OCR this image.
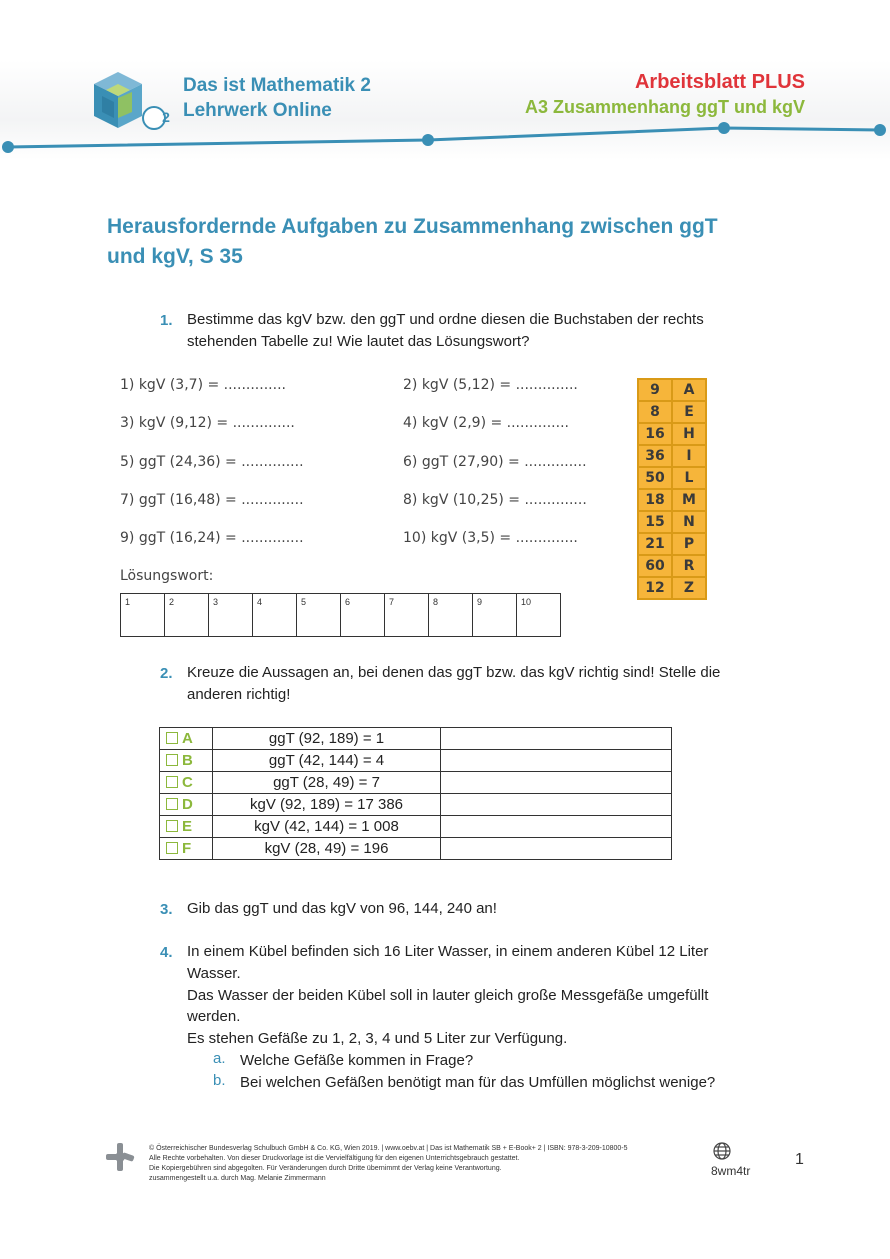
2
Das ist Mathematik 2
Lehrwerk Online
Arbeitsblatt PLUS
A3 Zusammenhang ggT und kgV
Herausfordernde Aufgaben zu Zusammenhang zwischen ggT
und kgV, S 35
1. Bestimme das kgV bzw. den ggT und ordne diesen die Buchstaben der rechts
stehenden Tabelle zu! Wie lautet das Lösungswort?
1) kgV (3,7) = ..............	2) kgV (5,12) = ..............
3) kgV (9,12) = ..............	4) kgV (2,9) = ..............
5) ggT (24,36) = ..............	6) ggT (27,90) = ..............
7) ggT (16,48) = ..............	8) kgV (10,25) = ..............
9) ggT (16,24) = ..............	10) kgV (3,5) = ..............
Lösungswort:
1	2	3	4	5	6	7	8	9	10
9	A
8	E
16	H
36	I
50	L
18	M
15	N
21	P
60	R
12	Z
2. Kreuze die Aussagen an, bei denen das ggT bzw. das kgV richtig sind! Stelle die
anderen richtig!
A	ggT (92, 189) = 1	
B	ggT (42, 144) = 4	
C	ggT (28, 49) = 7	
D	kgV (92, 189) = 17 386	
E	kgV (42, 144) = 1 008	
F	kgV (28, 49) = 196	
3. Gib das ggT und das kgV von 96, 144, 240 an!
4. In einem Kübel befinden sich 16 Liter Wasser, in einem anderen Kübel 12 Liter
Wasser.
Das Wasser der beiden Kübel soll in lauter gleich große Messgefäße umgefüllt
werden.
Es stehen Gefäße zu 1, 2, 3, 4 und 5 Liter zur Verfügung.
a. Welche Gefäße kommen in Frage?
b. Bei welchen Gefäßen benötigt man für das Umfüllen möglichst wenige?
© Österreichischer Bundesverlag Schulbuch GmbH & Co. KG, Wien 2019. | www.oebv.at | Das ist Mathematik SB + E-Book+ 2 | ISBN: 978-3-209-10800-5
Alle Rechte vorbehalten. Von dieser Druckvorlage ist die Vervielfältigung für den eigenen Unterrichtsgebrauch gestattet.
Die Kopiergebühren sind abgegolten. Für Veränderungen durch Dritte übernimmt der Verlag keine Verantwortung.
zusammengestellt u.a. durch Mag. Melanie Zimmermann
8wm4tr
1
